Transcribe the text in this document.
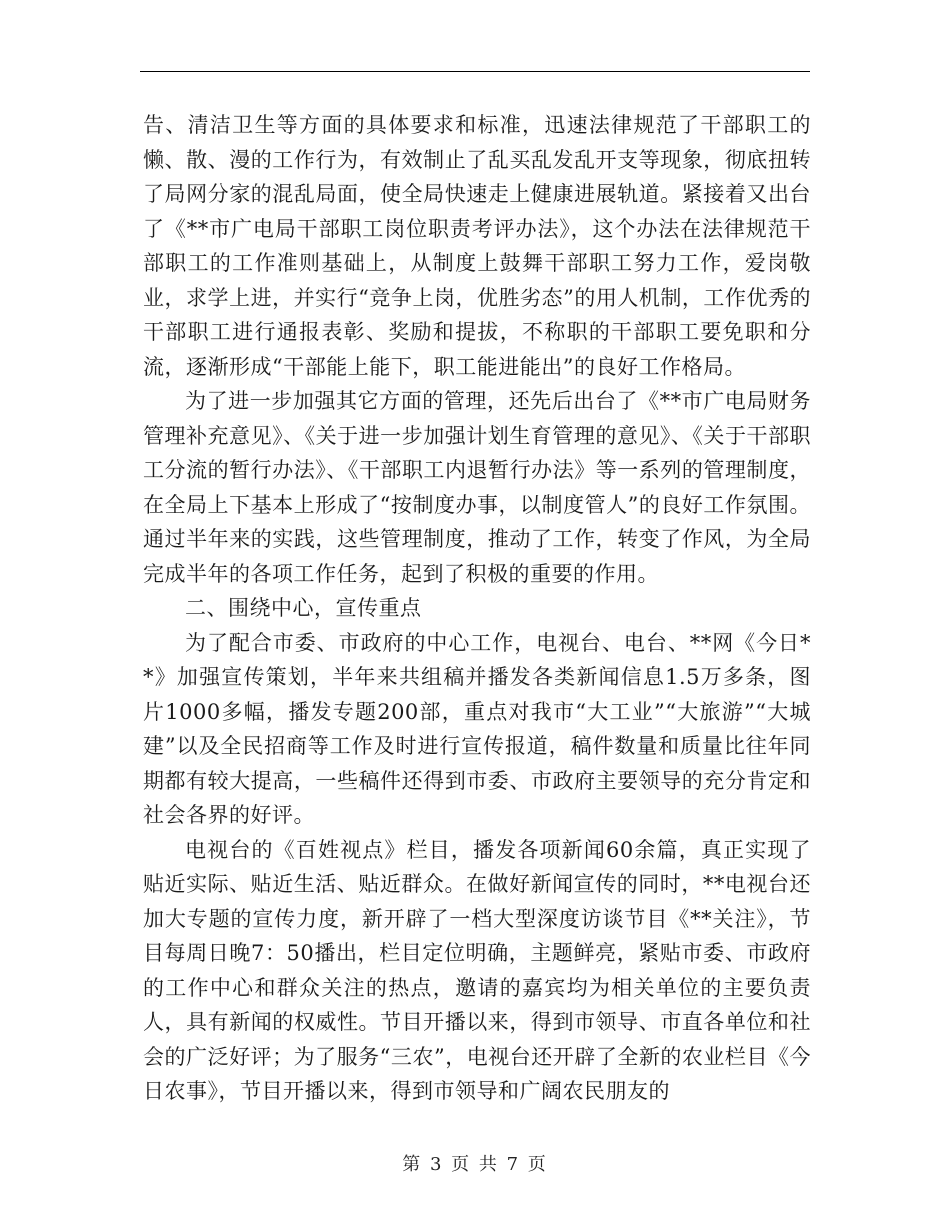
告、清洁卫生等方面的具体要求和标准，迅速法律规范了干部职工的懒、散、漫的工作行为，有效制止了乱买乱发乱开支等现象，彻底扭转了局网分家的混乱局面，使全局快速走上健康进展轨道。紧接着又出台了《**市广电局干部职工岗位职责考评办法》，这个办法在法律规范干部职工的工作准则基础上，从制度上鼓舞干部职工努力工作，爱岗敬业，求学上进，并实行“竞争上岗，优胜劣态”的用人机制，工作优秀的干部职工进行通报表彰、奖励和提拔，不称职的干部职工要免职和分流，逐渐形成“干部能上能下，职工能进能出”的良好工作格局。

为了进一步加强其它方面的管理，还先后出台了《**市广电局财务管理补充意见》、《关于进一步加强计划生育管理的意见》、《关于干部职工分流的暂行办法》、《干部职工内退暂行办法》等一系列的管理制度，在全局上下基本上形成了“按制度办事，以制度管人”的良好工作氛围。通过半年来的实践，这些管理制度，推动了工作，转变了作风，为全局完成半年的各项工作任务，起到了积极的重要的作用。

二、围绕中心，宣传重点

为了配合市委、市政府的中心工作，电视台、电台、**网《今日**》加强宣传策划，半年来共组稿并播发各类新闻信息1.5万多条，图片1000多幅，播发专题200部，重点对我市“大工业”“大旅游”“大城建”以及全民招商等工作及时进行宣传报道，稿件数量和质量比往年同期都有较大提高，一些稿件还得到市委、市政府主要领导的充分肯定和社会各界的好评。

电视台的《百姓视点》栏目，播发各项新闻60余篇，真正实现了贴近实际、贴近生活、贴近群众。在做好新闻宣传的同时，**电视台还加大专题的宣传力度，新开辟了一档大型深度访谈节目《**关注》，节目每周日晚7：50播出，栏目定位明确，主题鲜亮，紧贴市委、市政府的工作中心和群众关注的热点，邀请的嘉宾均为相关单位的主要负责人，具有新闻的权威性。节目开播以来，得到市领导、市直各单位和社会的广泛好评；为了服务“三农”，电视台还开辟了全新的农业栏目《今日农事》，节目开播以来，得到市领导和广阔农民朋友的

第 3 页 共 7 页
